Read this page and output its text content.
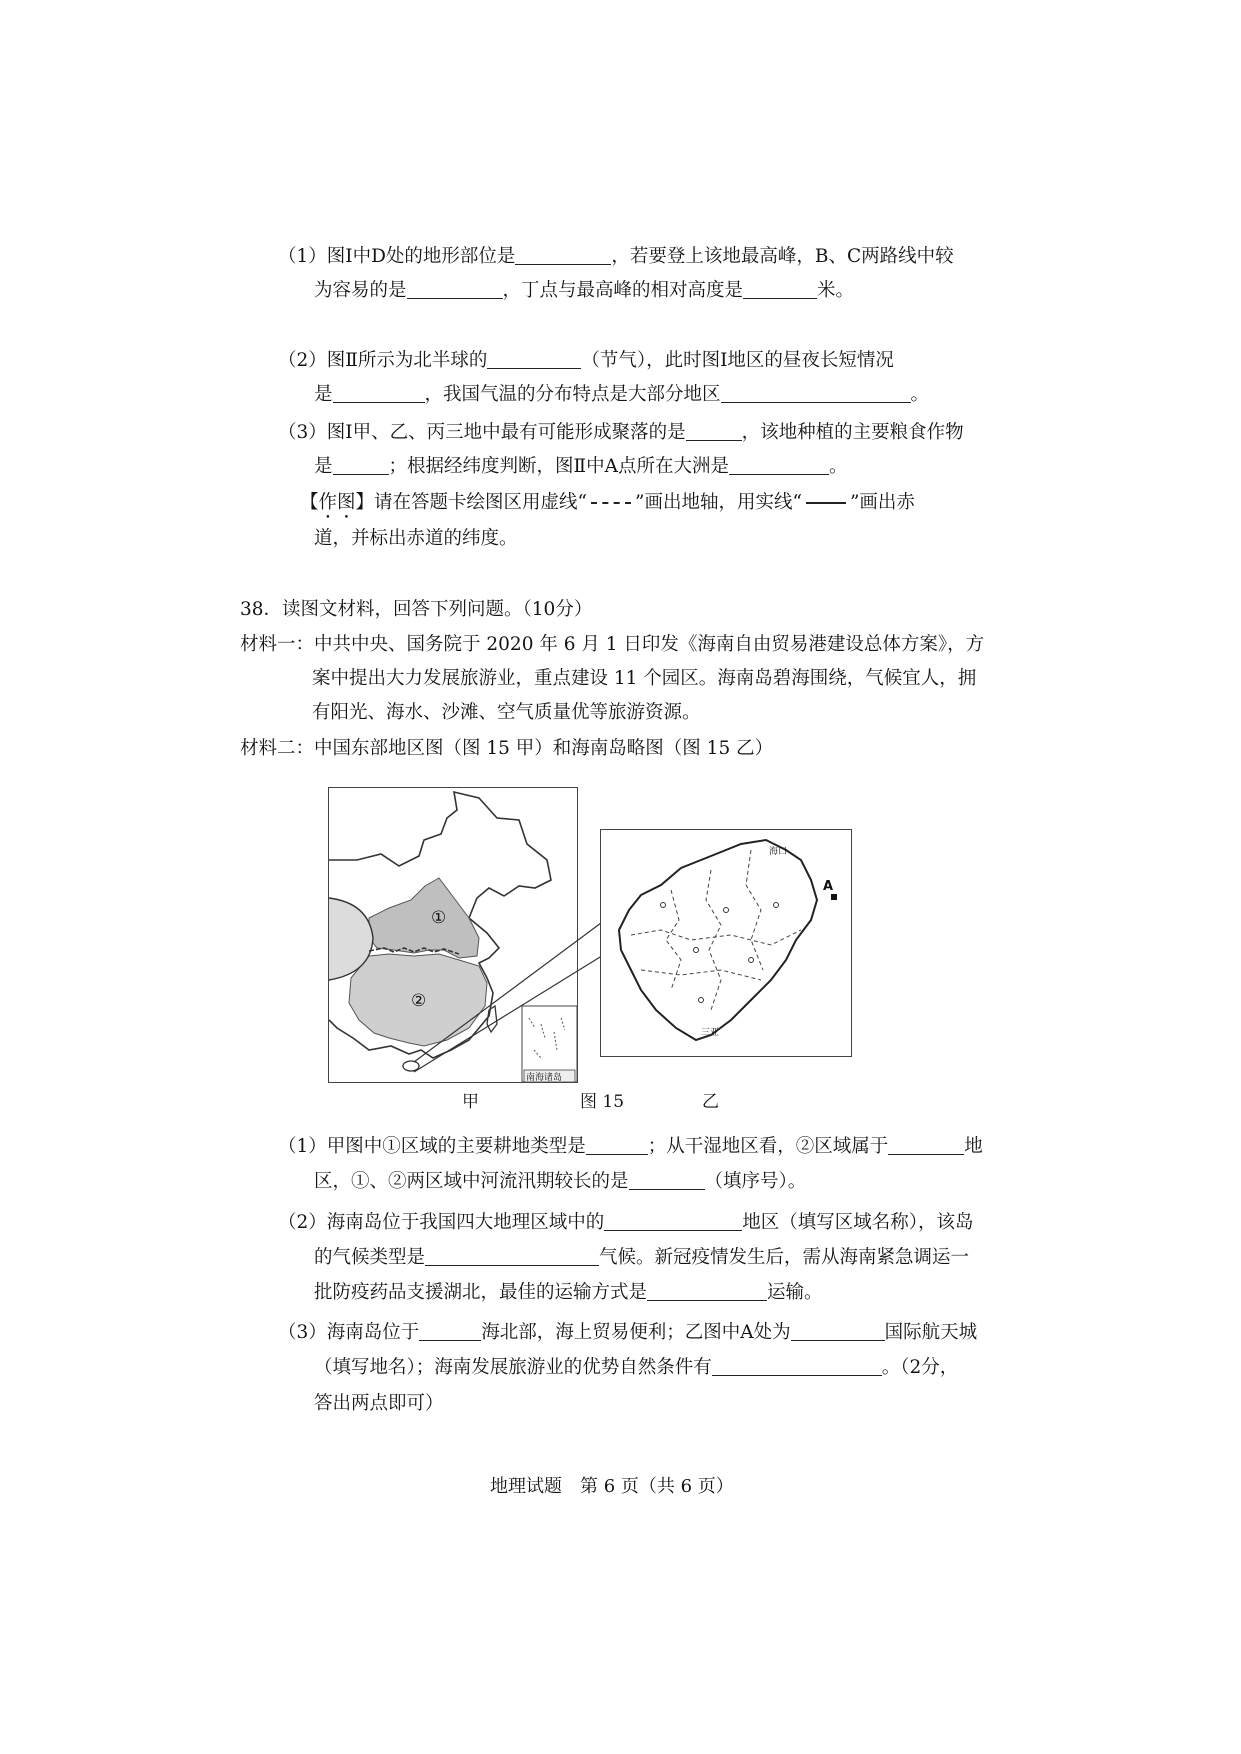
（1）图Ⅰ中D处的地形部位是	，若要登上该地最高峰，B、C两路线中较
为容易的是	，丁点与最高峰的相对高度是	米。
（2）图Ⅱ所示为北半球的	（节气），此时图Ⅰ地区的昼夜长短情况
是	，我国气温的分布特点是大部分地区	。
（3）图Ⅰ甲、乙、丙三地中最有可能形成聚落的是	，该地种植的主要粮食作物
是	；根据经纬度判断，图Ⅱ中A点所在大洲是	。
【作图】请在答题卡绘图区用虚线“	”画出地轴，用实线“	”画出赤
道，并标出赤道的纬度。
38．读图文材料，回答下列问题。（10分）
材料一：中共中央、国务院于 2020 年 6 月 1 日印发《海南自由贸易港建设总体方案》，方
案中提出大力发展旅游业，重点建设 11 个园区。海南岛碧海围绕，气候宜人，拥
有阳光、海水、沙滩、空气质量优等旅游资源。
材料二：中国东部地区图（图 15 甲）和海南岛略图（图 15 乙）
①
②
南海诸岛
海口
三亚
A
甲	图 15	乙
（1）甲图中①区域的主要耕地类型是	；从干湿地区看，②区域属于	地
区，①、②两区域中河流汛期较长的是	（填序号）。
（2）海南岛位于我国四大地理区域中的	地区（填写区域名称），该岛
的气候类型是	气候。新冠疫情发生后，需从海南紧急调运一
批防疫药品支援湖北，最佳的运输方式是	运输。
（3）海南岛位于	海北部，海上贸易便利；乙图中A处为	国际航天城
（填写地名）；海南发展旅游业的优势自然条件有	。（2分，
答出两点即可）
地理试题　第 6 页（共 6 页）
